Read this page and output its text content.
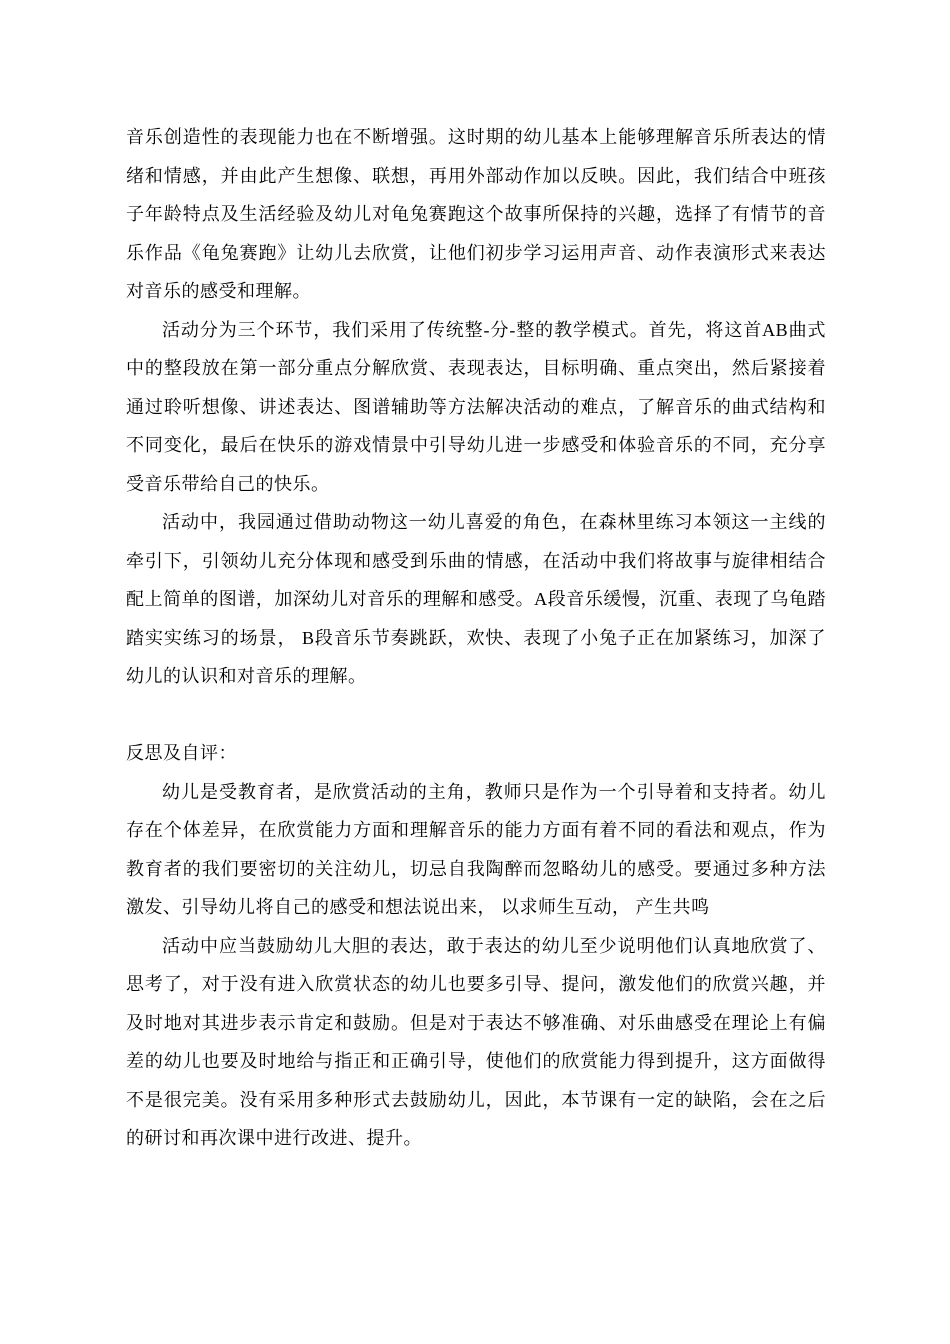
音乐创造性的表现能力也在不断增强。这时期的幼儿基本上能够理解音乐所表达的情绪和情感，并由此产生想像、联想，再用外部动作加以反映。因此，我们结合中班孩子年龄特点及生活经验及幼儿对龟兔赛跑这个故事所保持的兴趣，选择了有情节的音乐作品《龟兔赛跑》让幼儿去欣赏，让他们初步学习运用声音、动作表演形式来表达对音乐的感受和理解。

活动分为三个环节，我们采用了传统整-分-整的教学模式。首先，将这首AB曲式中的整段放在第一部分重点分解欣赏、表现表达，目标明确、重点突出，然后紧接着通过聆听想像、讲述表达、图谱辅助等方法解决活动的难点，了解音乐的曲式结构和不同变化，最后在快乐的游戏情景中引导幼儿进一步感受和体验音乐的不同，充分享受音乐带给自己的快乐。

活动中，我园通过借助动物这一幼儿喜爱的角色，在森林里练习本领这一主线的牵引下，引领幼儿充分体现和感受到乐曲的情感，在活动中我们将故事与旋律相结合配上简单的图谱，加深幼儿对音乐的理解和感受。A段音乐缓慢，沉重、表现了乌龟踏踏实实练习的场景， B段音乐节奏跳跃，欢快、表现了小兔子正在加紧练习，加深了幼儿的认识和对音乐的理解。

反思及自评：

幼儿是受教育者，是欣赏活动的主角，教师只是作为一个引导着和支持者。幼儿存在个体差异，在欣赏能力方面和理解音乐的能力方面有着不同的看法和观点，作为教育者的我们要密切的关注幼儿，切忌自我陶醉而忽略幼儿的感受。要通过多种方法激发、引导幼儿将自己的感受和想法说出来， 以求师生互动， 产生共鸣

活动中应当鼓励幼儿大胆的表达，敢于表达的幼儿至少说明他们认真地欣赏了、思考了，对于没有进入欣赏状态的幼儿也要多引导、提问，激发他们的欣赏兴趣，并及时地对其进步表示肯定和鼓励。但是对于表达不够准确、对乐曲感受在理论上有偏差的幼儿也要及时地给与指正和正确引导，使他们的欣赏能力得到提升，这方面做得不是很完美。没有采用多种形式去鼓励幼儿，因此，本节课有一定的缺陷，会在之后的研讨和再次课中进行改进、提升。
